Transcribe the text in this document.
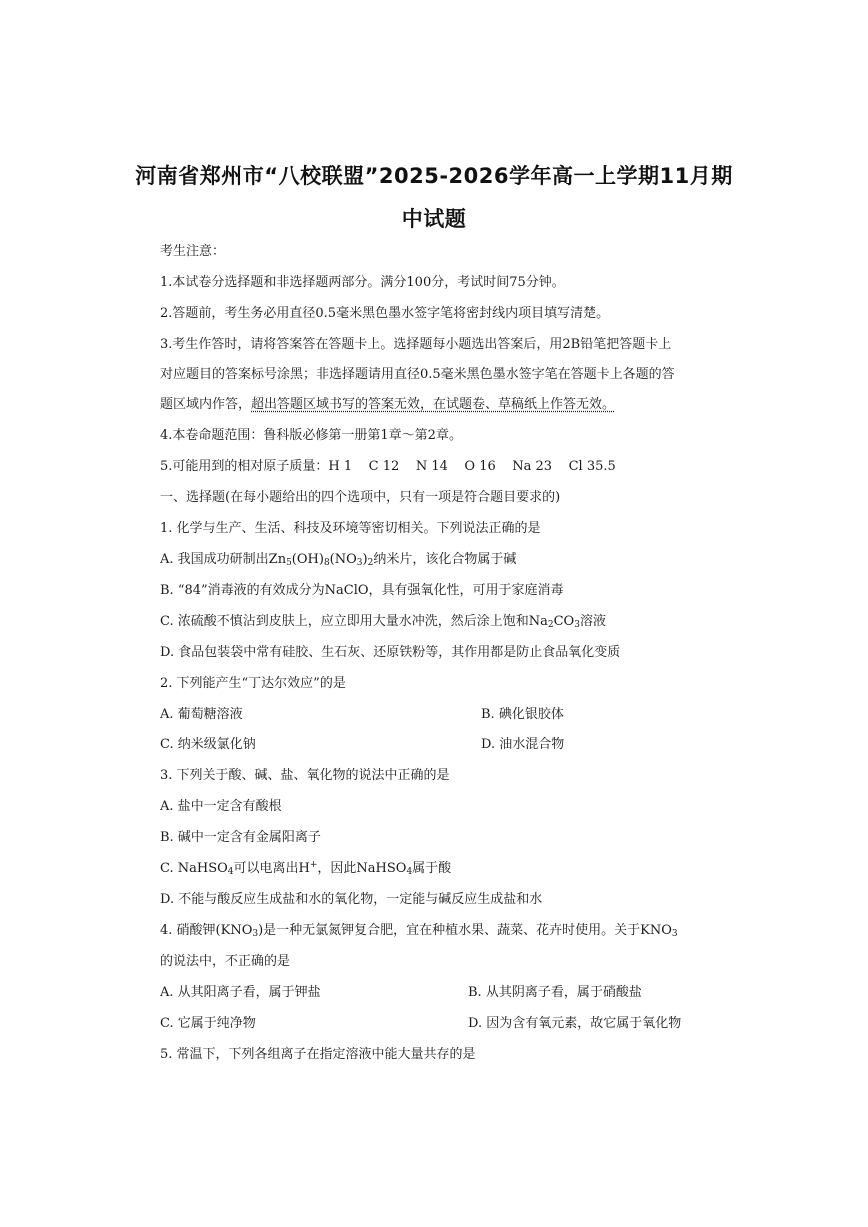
河南省郑州市“八校联盟”2025-2026学年高一上学期11月期
中试题
考生注意：
1.本试卷分选择题和非选择题两部分。满分100分，考试时间75分钟。
2.答题前，考生务必用直径0.5毫米黑色墨水签字笔将密封线内项目填写清楚。
3.考生作答时，请将答案答在答题卡上。选择题每小题选出答案后，用2B铅笔把答题卡上
对应题目的答案标号涂黑；非选择题请用直径0.5毫米黑色墨水签字笔在答题卡上各题的答
题区域内作答，超出答题区域书写的答案无效，在试题卷、草稿纸上作答无效。
4.本卷命题范围：鲁科版必修第一册第1章～第2章。
5.可能用到的相对原子质量：H 1    C 12    N 14    O 16    Na 23    Cl 35.5
一、选择题(在每小题给出的四个选项中，只有一项是符合题目要求的)
1. 化学与生产、生活、科技及环境等密切相关。下列说法正确的是
A. 我国成功研制出$Zn_5(OH)_8(NO_3)_2$纳米片，该化合物属于碱
B. “84”消毒液的有效成分为NaClO，具有强氧化性，可用于家庭消毒
C. 浓硫酸不慎沾到皮肤上，应立即用大量水冲洗，然后涂上饱和$Na_2CO_3$溶液
D. 食品包装袋中常有硅胶、生石灰、还原铁粉等，其作用都是防止食品氧化变质
2. 下列能产生“丁达尔效应”的是
A. 葡萄糖溶液	B. 碘化银胶体
C. 纳米级氯化钠	D. 油水混合物
3. 下列关于酸、碱、盐、氧化物的说法中正确的是
A. 盐中一定含有酸根
B. 碱中一定含有金属阳离子
C. NaHSO$_4$可以电离出H+，因此NaHSO$_4$属于酸
D. 不能与酸反应生成盐和水的氧化物，一定能与碱反应生成盐和水
4. 硝酸钾$(KNO_3)$是一种无氯氮钾复合肥，宜在种植水果、蔬菜、花卉时使用。关于$KNO_3$
的说法中，不正确的是
A. 从其阳离子看，属于钾盐	B. 从其阴离子看，属于硝酸盐
C. 它属于纯净物	D. 因为含有氧元素，故它属于氧化物
5. 常温下，下列各组离子在指定溶液中能大量共存的是
